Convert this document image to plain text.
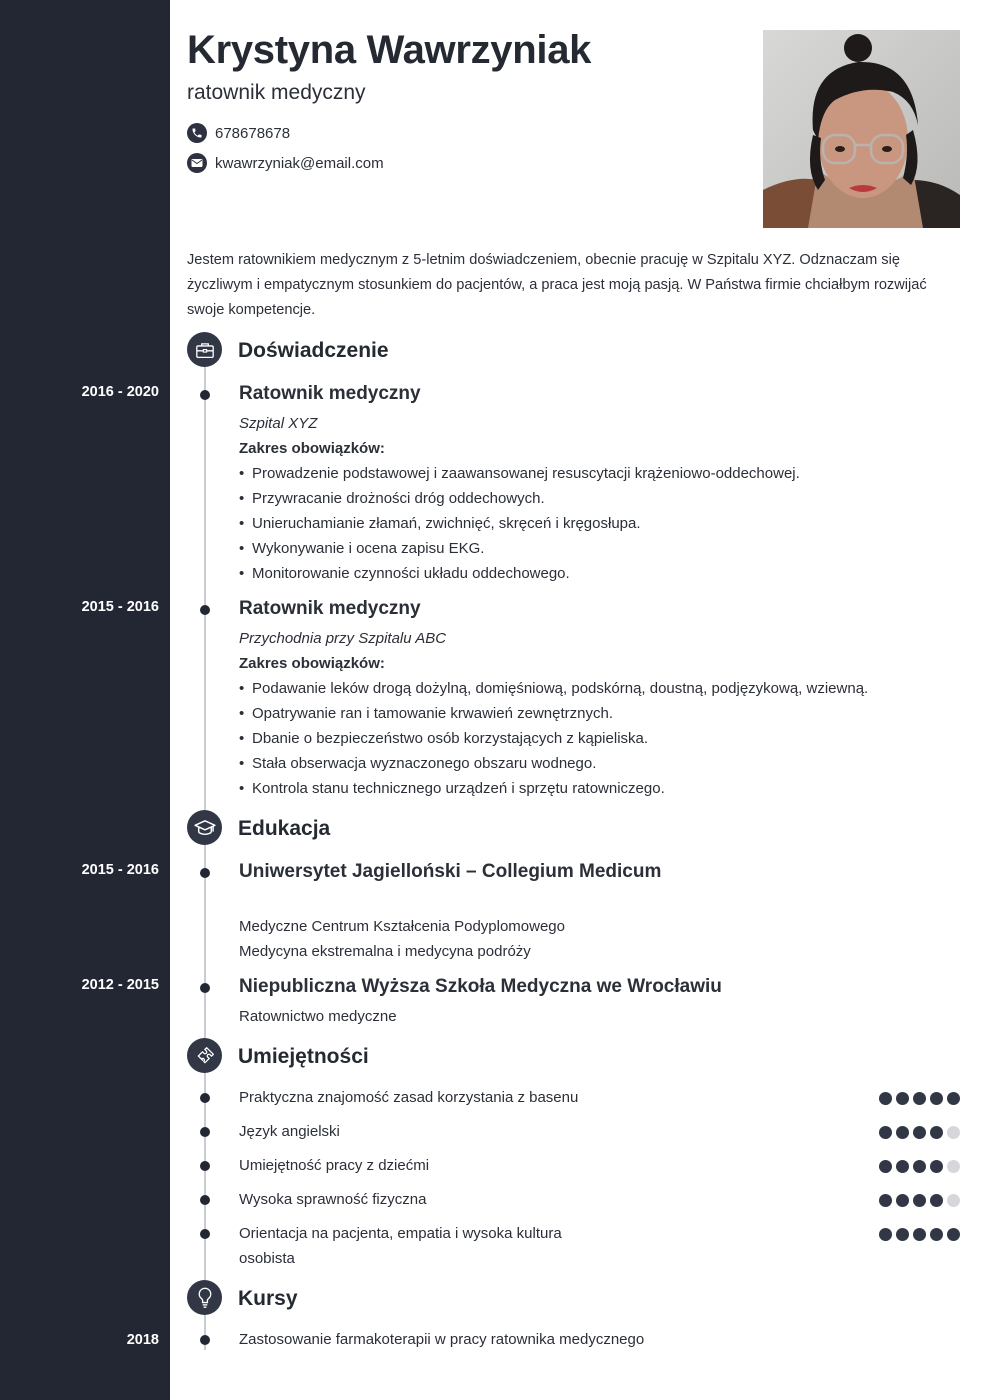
Krystyna Wawrzyniak
ratownik medyczny
678678678
kwawrzyniak@email.com
Jestem ratownikiem medycznym z 5-letnim doświadczeniem, obecnie pracuję w Szpitalu XYZ. Odznaczam się życzliwym i empatycznym stosunkiem do pacjentów, a praca jest moją pasją. W Państwa firmie chciałbym rozwijać swoje kompetencje.
Doświadczenie
2016 - 2020	Ratownik medyczny
Szpital XYZ
Zakres obowiązków:
• Prowadzenie podstawowej i zaawansowanej resuscytacji krążeniowo-oddechowej.
• Przywracanie drożności dróg oddechowych.
• Unieruchamianie złamań, zwichnięć, skręceń i kręgosłupa.
• Wykonywanie i ocena zapisu EKG.
• Monitorowanie czynności układu oddechowego.
2015 - 2016	Ratownik medyczny
Przychodnia przy Szpitalu ABC
Zakres obowiązków:
• Podawanie leków drogą dożylną, domięśniową, podskórną, doustną, podjęzykową, wziewną.
• Opatrywanie ran i tamowanie krwawień zewnętrznych.
• Dbanie o bezpieczeństwo osób korzystających z kąpieliska.
• Stała obserwacja wyznaczonego obszaru wodnego.
• Kontrola stanu technicznego urządzeń i sprzętu ratowniczego.
Edukacja
2015 - 2016	Uniwersytet Jagielloński – Collegium Medicum
Medyczne Centrum Kształcenia Podyplomowego
Medycyna ekstremalna i medycyna podróży
2012 - 2015	Niepubliczna Wyższa Szkoła Medyczna we Wrocławiu
Ratownictwo medyczne
Umiejętności
Praktyczna znajomość zasad korzystania z basenu
Język angielski
Umiejętność pracy z dziećmi
Wysoka sprawność fizyczna
Orientacja na pacjenta, empatia i wysoka kultura osobista
Kursy
2018	Zastosowanie farmakoterapii w pracy ratownika medycznego
